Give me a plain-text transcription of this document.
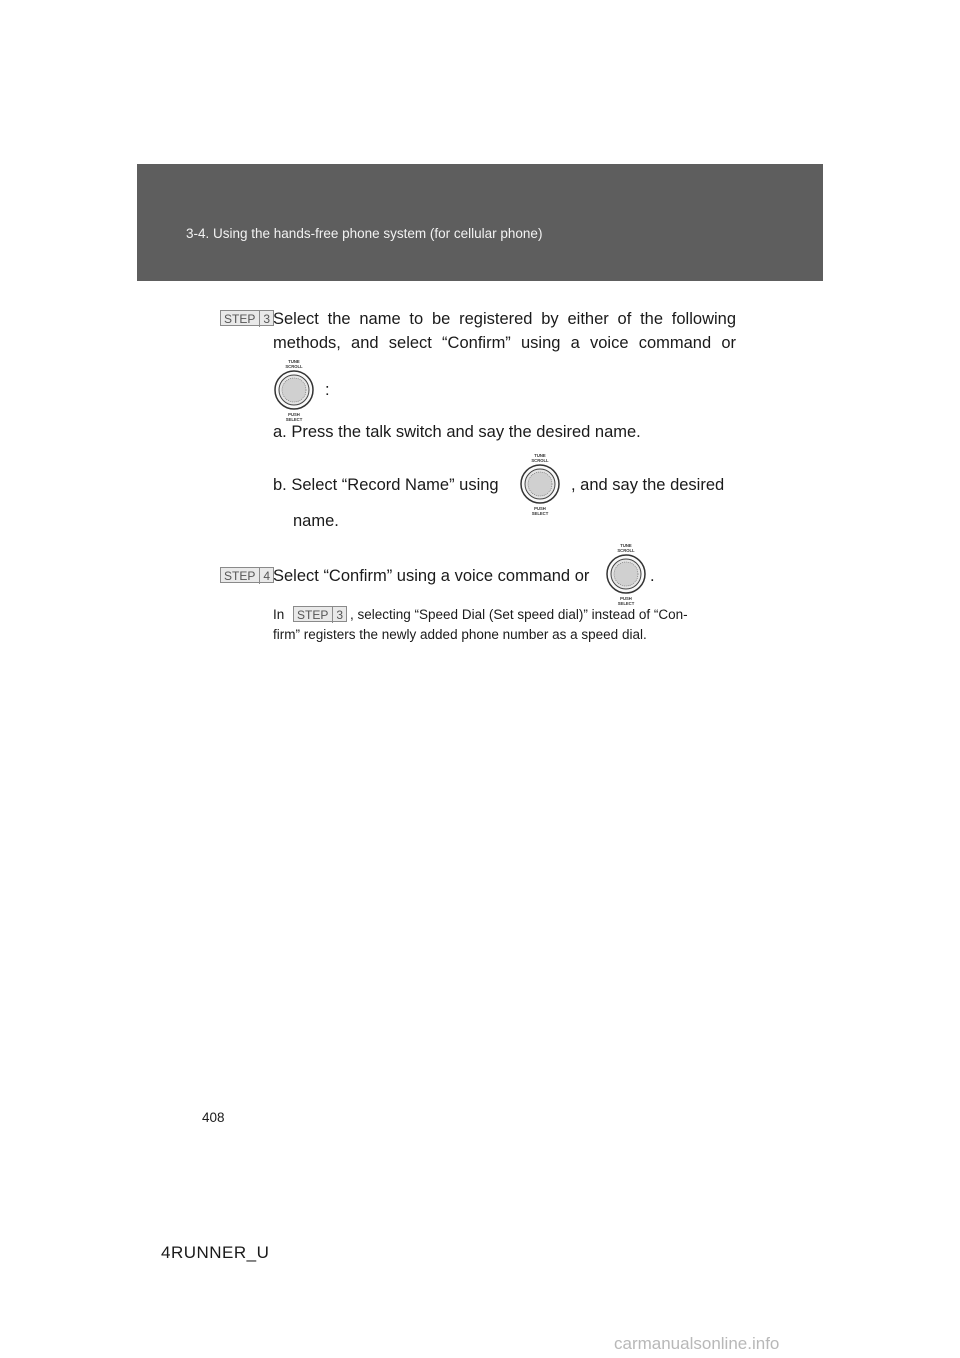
3-4. Using the hands-free phone system (for cellular phone)
STEP 3 Select the name to be registered by either of the following
methods, and select “Confirm” using a voice command or
TUNE
SCROLL
PUSH
SELECT
:
a. Press the talk switch and say the desired name.
b. Select “Record Name” using
TUNE
SCROLL
PUSH
SELECT
, and say the desired
name.
STEP 4 Select “Confirm” using a voice command or
TUNE
SCROLL
PUSH
SELECT
.
In	STEP 3 , selecting “Speed Dial (Set speed dial)” instead of “Con-
firm” registers the newly added phone number as a speed dial.
408
4RUNNER_U
carmanualsonline.info
